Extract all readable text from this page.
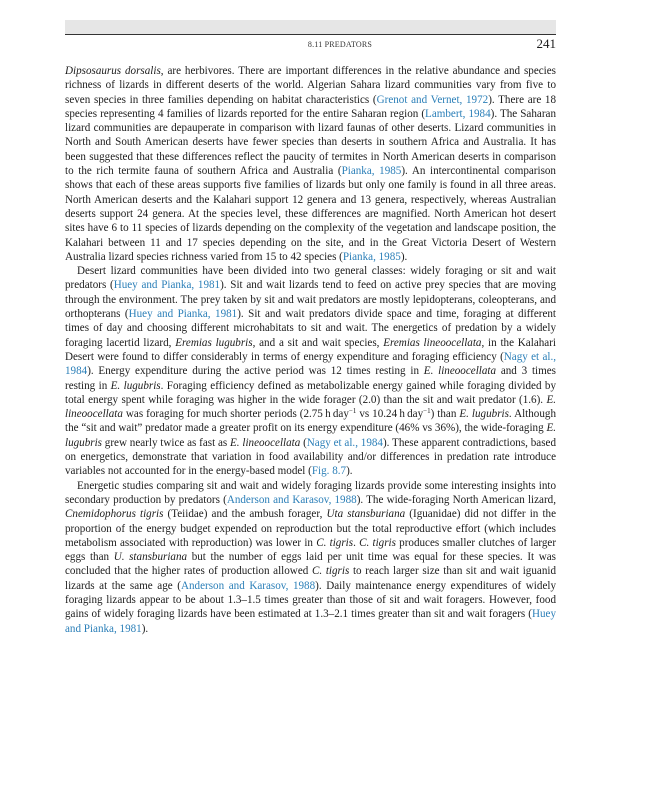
8.11 PREDATORS	241

Dipsosaurus dorsalis, are herbivores. There are important differences in the relative abundance and species richness of lizards in different deserts of the world. Algerian Sahara lizard communities vary from five to seven species in three families depending on habitat characteristics (Grenot and Vernet, 1972). There are 18 species representing 4 families of lizards reported for the entire Saharan region (Lambert, 1984). The Saharan lizard communities are depauperate in comparison with lizard faunas of other deserts. Lizard communities in North and South American deserts have fewer species than deserts in southern Africa and Australia. It has been suggested that these differences reflect the paucity of termites in North American deserts in comparison to the rich termite fauna of southern Africa and Australia (Pianka, 1985). An intercontinental comparison shows that each of these areas supports five families of lizards but only one family is found in all three areas. North American deserts and the Kalahari support 12 genera and 13 genera, respectively, whereas Australian deserts support 24 genera. At the species level, these differences are magnified. North American hot desert sites have 6 to 11 species of lizards depending on the complexity of the vegetation and landscape position, the Kalahari between 11 and 17 species depending on the site, and in the Great Victoria Desert of Western Australia lizard species richness varied from 15 to 42 species (Pianka, 1985).

Desert lizard communities have been divided into two general classes: widely foraging or sit and wait predators (Huey and Pianka, 1981). Sit and wait lizards tend to feed on active prey species that are moving through the environment. The prey taken by sit and wait predators are mostly lepidopterans, coleopterans, and orthopterans (Huey and Pianka, 1981). Sit and wait predators divide space and time, foraging at different times of day and choosing different microhabitats to sit and wait. The energetics of predation by a widely foraging lacertid lizard, Eremias lugubris, and a sit and wait species, Eremias lineoocellata, in the Kalahari Desert were found to differ considerably in terms of energy expenditure and foraging efficiency (Nagy et al., 1984). Energy expenditure during the active period was 12 times resting in E. lineoocellata and 3 times resting in E. lugubris. Foraging efficiency defined as metabolizable energy gained while foraging divided by total energy spent while foraging was higher in the wide forager (2.0) than the sit and wait predator (1.6). E. lineoocellata was foraging for much shorter periods (2.75 h day$^{-1}$ vs 10.24 h day$^{-1}$) than E. lugubris. Although the “sit and wait” predator made a greater profit on its energy expenditure (46% vs 36%), the wide-foraging E. lugubris grew nearly twice as fast as E. lineoocellata (Nagy et al., 1984). These apparent contradictions, based on energetics, demonstrate that variation in food availability and/or differences in predation rate introduce variables not accounted for in the energy-based model (Fig. 8.7).

Energetic studies comparing sit and wait and widely foraging lizards provide some interesting insights into secondary production by predators (Anderson and Karasov, 1988). The wide-foraging North American lizard, Cnemidophorus tigris (Teiidae) and the ambush forager, Uta stansburiana (Iguanidae) did not differ in the proportion of the energy budget expended on reproduction but the total reproductive effort (which includes metabolism associated with reproduction) was lower in C. tigris. C. tigris produces smaller clutches of larger eggs than U. stansburiana but the number of eggs laid per unit time was equal for these species. It was concluded that the higher rates of production allowed C. tigris to reach larger size than sit and wait iguanid lizards at the same age (Anderson and Karasov, 1988). Daily maintenance energy expenditures of widely foraging lizards appear to be about 1.3–1.5 times greater than those of sit and wait foragers. However, food gains of widely foraging lizards have been estimated at 1.3–2.1 times greater than sit and wait foragers (Huey and Pianka, 1981).
